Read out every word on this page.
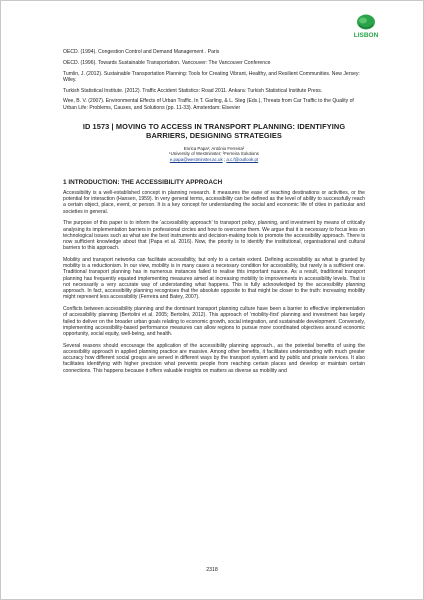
LISBON

OECD. (1994). Congestion Control and Demand Management . Paris

OECD. (1996). Towards Sustainable Transportation. Vancouver: The Vancouver Conference

Tumlin, J. (2012). Sustainable Transportation Planning: Tools for Creating Vibrant, Healthy, and Resilient Communities. New Jersey: Wiley.

Turkish Statistical Institute. (2012). Traffic Accident Statistics: Road 2011. Ankara: Turkish Statistical Institute Press.

Wee, B. V. (2007). Environmental Effects of Urban Traffic. In T. Garling, & L. Steg (Eds.), Threats from Car Traffic to the Quality of Urban Life: Problems, Causes, and Solutions (pp. 11-33). Amsterdam: Elsevier

ID 1573 | MOVING TO ACCESS IN TRANSPORT PLANNING: IDENTIFYING
BARRIERS, DESIGNING STRATEGIES
Enrica Papa¹; António Ferreira²
¹University of Westminster; ²Ferreira Solutions
e.papa@westminster.ac.uk ; a.c.f@outlook.pt
1 INTRODUCTION: THE ACCESSIBILITY APPROACH

Accessibility is a well-established concept in planning research. It measures the ease of reaching destinations or activities, or the potential for interaction (Hansen, 1959). In very general terms, accessibility can be defined as the level of ability to successfully reach a certain object, place, event, or person. It is a key concept for understanding the social and economic life of cities in particular and societies in general.

The purpose of this paper is to inform the ‘accessibility approach’ to transport policy, planning, and investment by means of critically analysing its implementation barriers in professional circles and how to overcome them. We argue that it is necessary to focus less on technological issues such as what are the best instruments and decision-making tools to promote the accessibility approach. There is now sufficient knowledge about that (Papa et al. 2016). Now, the priority is to identify the institutional, organisational and cultural barriers to this approach.

Mobility and transport networks can facilitate accessibility, but only to a certain extent. Defining accessibility as what is granted by mobility is a reductionism. In our view, mobility is in many cases a necessary condition for accessibility, but rarely is a sufficient one. Traditional transport planning has in numerous instances failed to realise this important nuance. As a result, traditional transport planning has frequently equated implementing measures aimed at increasing mobility to improvements in accessibility levels. That is not necessarily a very accurate way of understanding what happens. This is fully acknowledged by the accessibility planning approach. In fact, accessibility planning recognises that the absolute opposite to that might be closer to the truth: increasing mobility might represent less accessibility (Ferreira and Batey, 2007).

Conflicts between accessibility planning and the dominant transport planning culture have been a barrier to effective implementation of accessibility planning (Bertolini et al. 2005; Bertolini, 2012). This approach of ‘mobility-first’ planning and investment has largely failed to deliver on the broader urban goals relating to economic growth, social integration, and sustainable development. Conversely, implementing accessibility-based performance measures can allow regions to pursue more coordinated objectives around economic opportunity, social equity, well-being, and health.

Several reasons should encourage the application of the accessibility planning approach., as the potential benefits of using the accessibility approach in applied planning practice are massive. Among other benefits, it facilitates understanding with much greater accuracy how different social groups are served in different ways by the transport system and by public and private services. It also facilitates identifying with higher precision what prevents people from reaching certain places and develop or maintain certain connections. This happens because it offers valuable insights on matters as diverse as mobility and

2318
